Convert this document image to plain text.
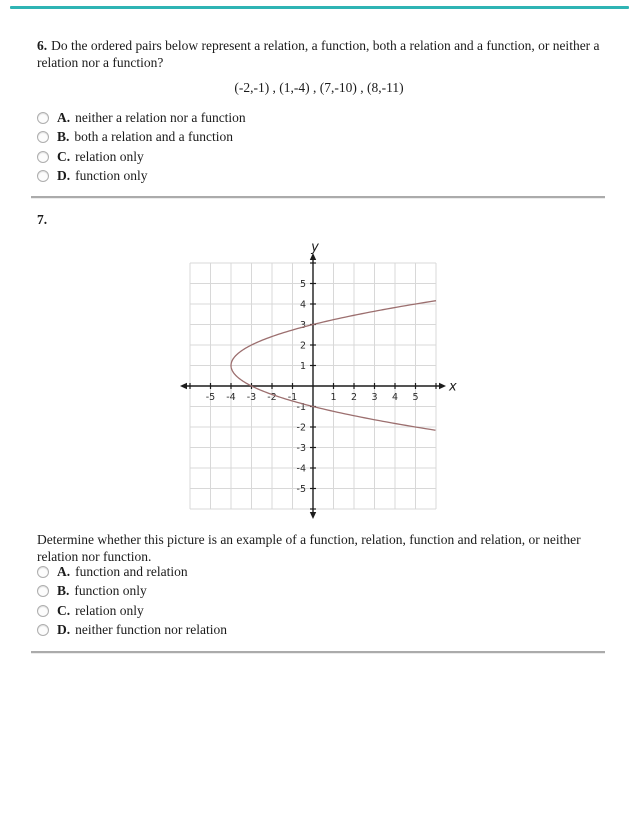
6. Do the ordered pairs below represent a relation, a function, both a relation and a function, or neither a relation nor a function?
(-2,-1) , (1,-4) , (7,-10) , (8,-11)
A. neither a relation nor a function
B. both a relation and a function
C. relation only
D. function only
7.
-5 -4 -3 -2 -1	1 2 3 4 5
5
4
3
2
1
-1
-2
-3
-4
-5
x
y
Determine whether this picture is an example of a function, relation, function and relation, or neither relation nor function.
A. function and relation
B. function only
C. relation only
D. neither function nor relation
